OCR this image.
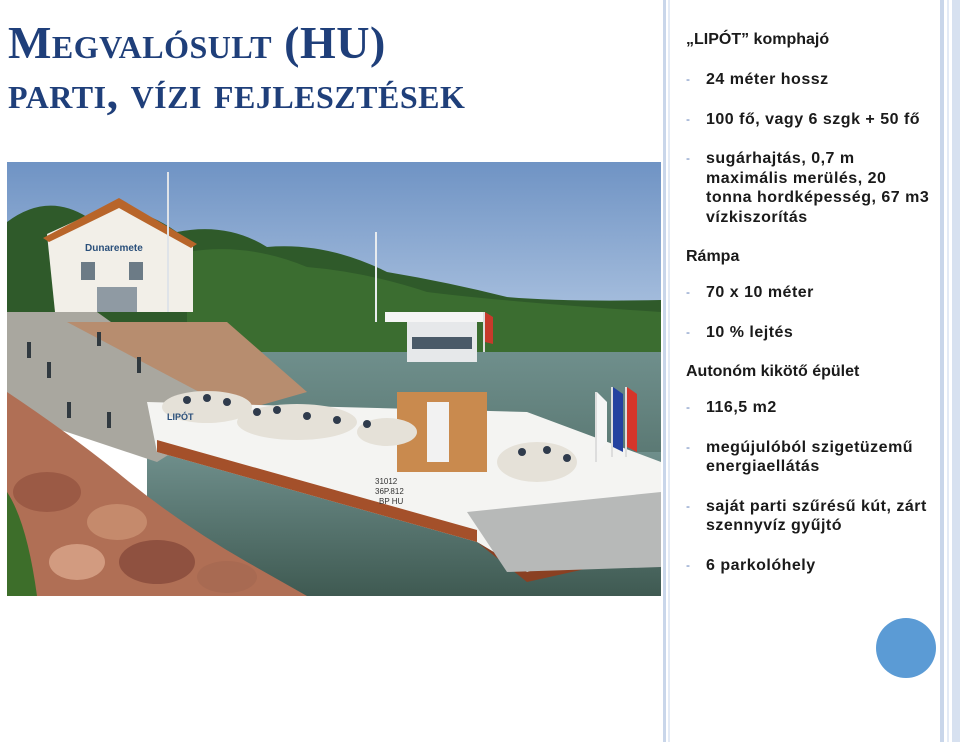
Megvalósult (HU)
parti, vízi fejlesztések
Dunaremete
LIPÓT
31012
36P.812
BP HU
„LIPÓT” komphajó
- 24 méter hossz
- 100 fő, vagy 6 szgk + 50 fő
- sugárhajtás, 0,7 m maximális merülés, 20 tonna hordképesség, 67 m3 vízkiszorítás
Rámpa
- 70 x 10 méter
- 10 % lejtés
Autonóm kikötő épület
- 116,5 m2
- megújulóból szigetüzemű energiaellátás
- saját parti szűrésű kút, zárt szennyvíz gyűjtó
- 6 parkolóhely
